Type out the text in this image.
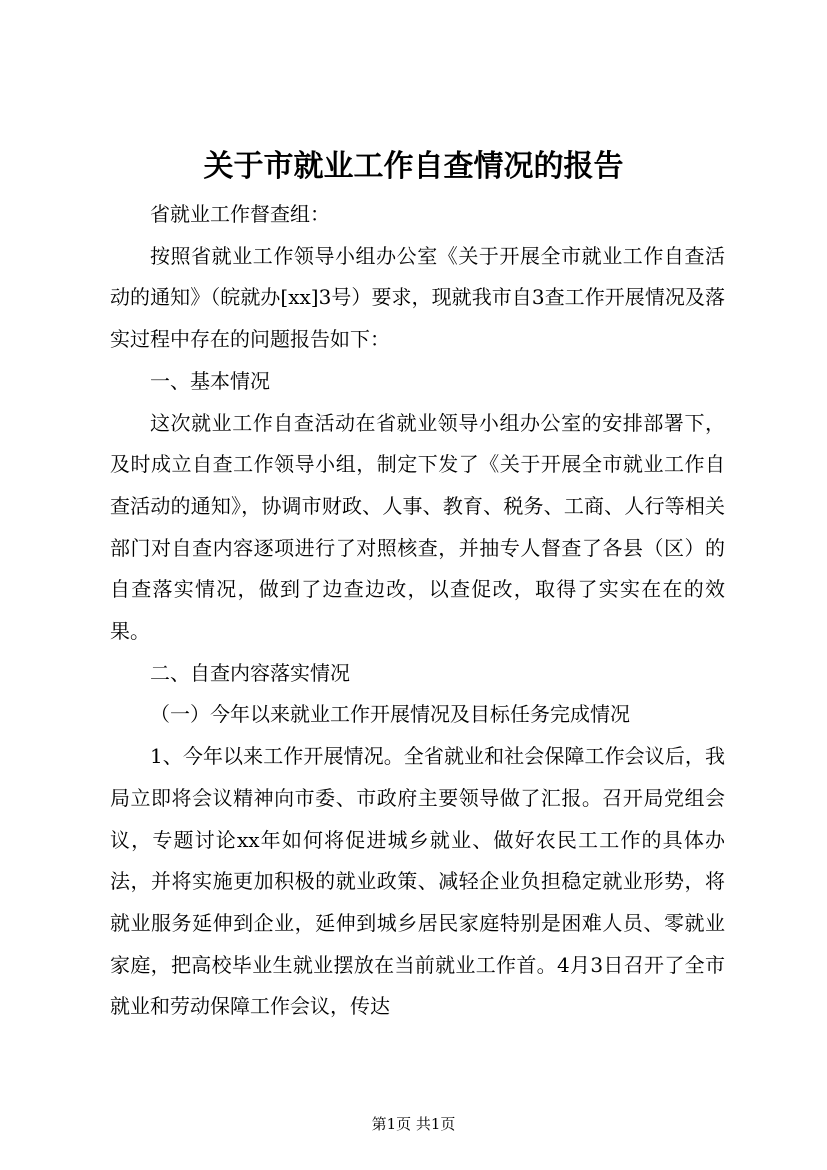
关于市就业工作自查情况的报告

省就业工作督查组：

按照省就业工作领导小组办公室《关于开展全市就业工作自查活动的通知》（皖就办[xx]3号）要求，现就我市自3查工作开展情况及落实过程中存在的问题报告如下：

一、基本情况

这次就业工作自查活动在省就业领导小组办公室的安排部署下，及时成立自查工作领导小组，制定下发了《关于开展全市就业工作自查活动的通知》，协调市财政、人事、教育、税务、工商、人行等相关部门对自查内容逐项进行了对照核查，并抽专人督查了各县（区）的自查落实情况，做到了边查边改，以查促改，取得了实实在在的效果。

二、自查内容落实情况

（一）今年以来就业工作开展情况及目标任务完成情况

1、今年以来工作开展情况。全省就业和社会保障工作会议后，我局立即将会议精神向市委、市政府主要领导做了汇报。召开局党组会议，专题讨论xx年如何将促进城乡就业、做好农民工工作的具体办法，并将实施更加积极的就业政策、减轻企业负担稳定就业形势，将就业服务延伸到企业，延伸到城乡居民家庭特别是困难人员、零就业家庭，把高校毕业生就业摆放在当前就业工作首。4月3日召开了全市就业和劳动保障工作会议，传达

第1页 共1页
